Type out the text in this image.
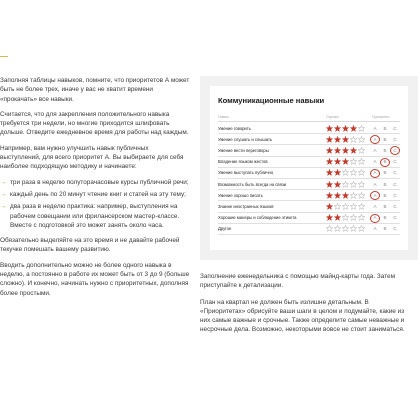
Заполняя таблицы навыков, помните, что приоритетов А может быть не более трех, иначе у вас не хватит времени «прокачать» все навыки.

Считается, что для закрепления положительного навыка требуется три недели, но многие приходится шлифовать дольше. Отведите ежедневное время для работы над каждым.

Например, вам нужно улучшить навык публичных выступлений, для всего приоритет А. Вы выбираете для себя наиболее подходящую методику и начинаете:

→ три раза в неделю полуторачасовые курсы публичной речи;
→ каждый день по 20 минут чтение книг и статей на эту тему;
→ два раза в неделю практика: например, выступления на рабочем совещании или фрилансерском мастер-классе. Вместе с подготовкой это может занять около часа.

Обязательно выделяйте на это время и не давайте рабочей текучке помешать вашему развитию.

Вводить дополнительно можно не более одного навыка в неделю, а постоянно в работе их может быть от 3 до 9 (больше сложно). И конечно, начинать нужно с приоритетных, дополняя более простыми.

Коммуникационные навыки
Навык	Оценка	Приоритет
Умение говорить	А	В	С
Умение слушать и слышать	А	В	С
Умение вести переговоры	А	В	С
Владение языком жестов	А	В	С
Умение выступать публично	А	В	С
Возможность быть всегда на связи	А	В	С
Умение хорошо писать	А	В	С
Знание иностранных языков	А	В	С
Хорошие манеры и соблюдение этикета	А	В	С
Другое	А	В	С

Заполнение еженедельника с помощью майнд-карты года. Затем приступайте к детализации.

План на квартал не должен быть излишне детальным. В «Приоритетах» обрисуйте ваши шаги в целом и подумайте, какие из них самые важные и срочные. Также определите самые неважные и несрочные дела. Возможно, некоторыми вовсе не стоит заниматься.
